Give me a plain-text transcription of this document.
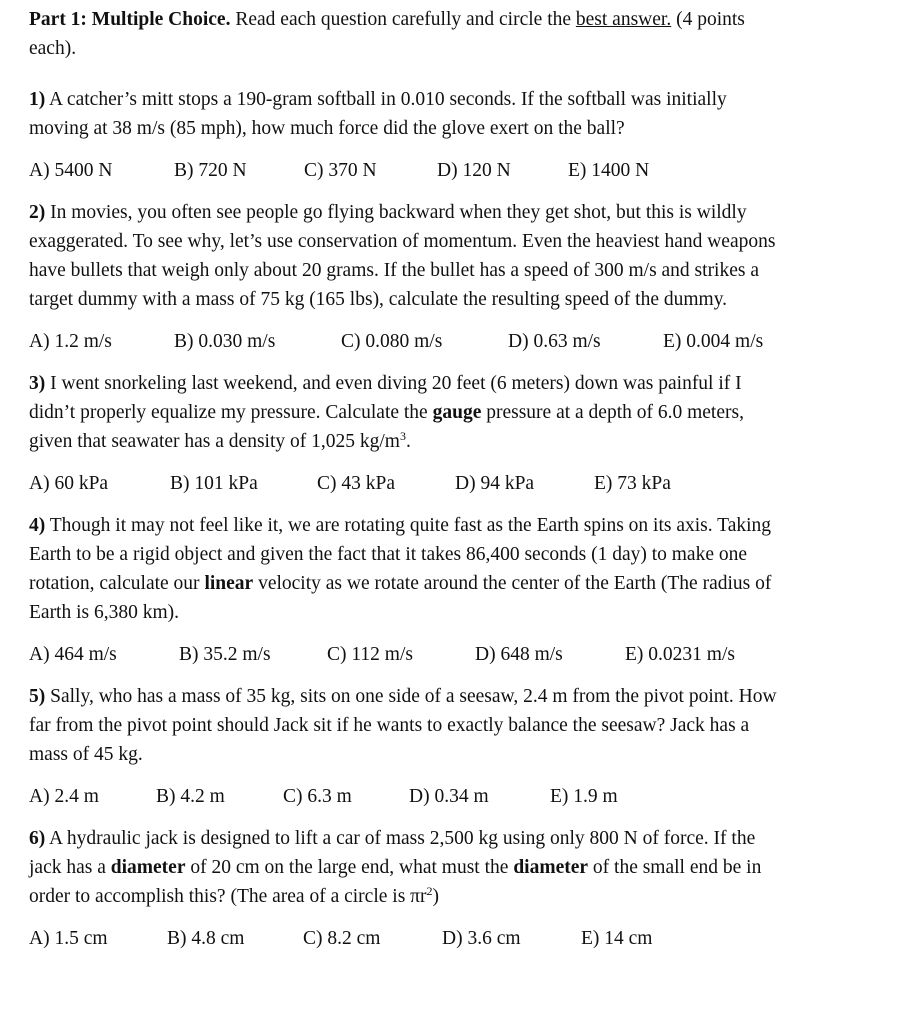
Part 1: Multiple Choice. Read each question carefully and circle the best answer. (4 points
each).
1) A catcher’s mitt stops a 190-gram softball in 0.010 seconds. If the softball was initially
moving at 38 m/s (85 mph), how much force did the glove exert on the ball?
A) 5400 N	B) 720 N	C) 370 N	D) 120 N	E) 1400 N
2) In movies, you often see people go flying backward when they get shot, but this is wildly
exaggerated. To see why, let’s use conservation of momentum. Even the heaviest hand weapons
have bullets that weigh only about 20 grams. If the bullet has a speed of 300 m/s and strikes a
target dummy with a mass of 75 kg (165 lbs), calculate the resulting speed of the dummy.
A) 1.2 m/s	B) 0.030 m/s	C) 0.080 m/s	D) 0.63 m/s	E) 0.004 m/s
3) I went snorkeling last weekend, and even diving 20 feet (6 meters) down was painful if I
didn’t properly equalize my pressure. Calculate the gauge pressure at a depth of 6.0 meters,
given that seawater has a density of 1,025 $kg/m^3$.
A) 60 kPa	B) 101 kPa	C) 43 kPa	D) 94 kPa	E) 73 kPa
4) Though it may not feel like it, we are rotating quite fast as the Earth spins on its axis. Taking
Earth to be a rigid object and given the fact that it takes 86,400 seconds (1 day) to make one
rotation, calculate our linear velocity as we rotate around the center of the Earth (The radius of
Earth is 6,380 km).
A) 464 m/s	B) 35.2 m/s	C) 112 m/s	D) 648 m/s	E) 0.0231 m/s
5) Sally, who has a mass of 35 kg, sits on one side of a seesaw, 2.4 m from the pivot point. How
far from the pivot point should Jack sit if he wants to exactly balance the seesaw? Jack has a
mass of 45 kg.
A) 2.4 m	B) 4.2 m	C) 6.3 m	D) 0.34 m	E) 1.9 m
6) A hydraulic jack is designed to lift a car of mass 2,500 kg using only 800 N of force. If the
jack has a diameter of 20 cm on the large end, what must the diameter of the small end be in
order to accomplish this? (The area of a circle is $\pi r^2$)
A) 1.5 cm	B) 4.8 cm	C) 8.2 cm	D) 3.6 cm	E) 14 cm
